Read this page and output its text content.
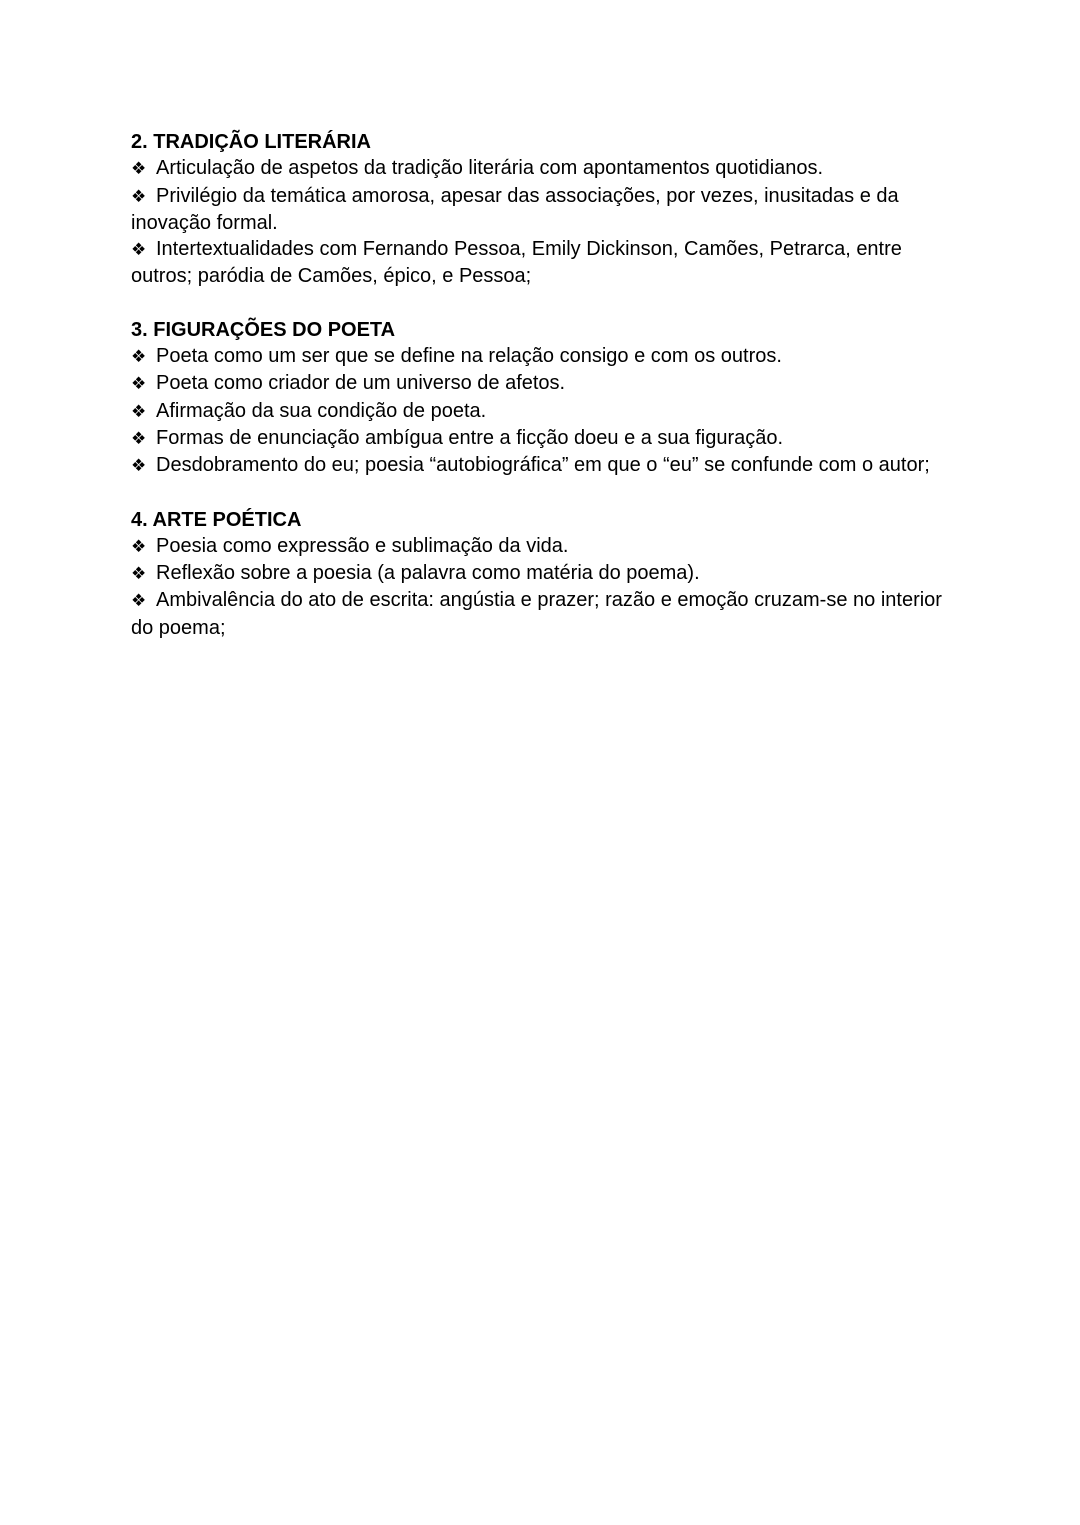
2. TRADIÇÃO LITERÁRIA

❖ Articulação de aspetos da tradição literária com apontamentos quotidianos.

❖ Privilégio da temática amorosa, apesar das associações, por vezes, inusitadas e da inovação formal.

❖ Intertextualidades com Fernando Pessoa, Emily Dickinson, Camões, Petrarca, entre outros; paródia de Camões, épico, e Pessoa;

3. FIGURAÇÕES DO POETA

❖ Poeta como um ser que se define na relação consigo e com os outros.

❖ Poeta como criador de um universo de afetos.

❖ Afirmação da sua condição de poeta.

❖ Formas de enunciação ambígua entre a ficção doeu e a sua figuração.

❖ Desdobramento do eu; poesia “autobiográfica” em que o “eu” se confunde com o autor;

4. ARTE POÉTICA

❖ Poesia como expressão e sublimação da vida.

❖ Reflexão sobre a poesia (a palavra como matéria do poema).

❖ Ambivalência do ato de escrita: angústia e prazer; razão e emoção cruzam-se no interior do poema;
